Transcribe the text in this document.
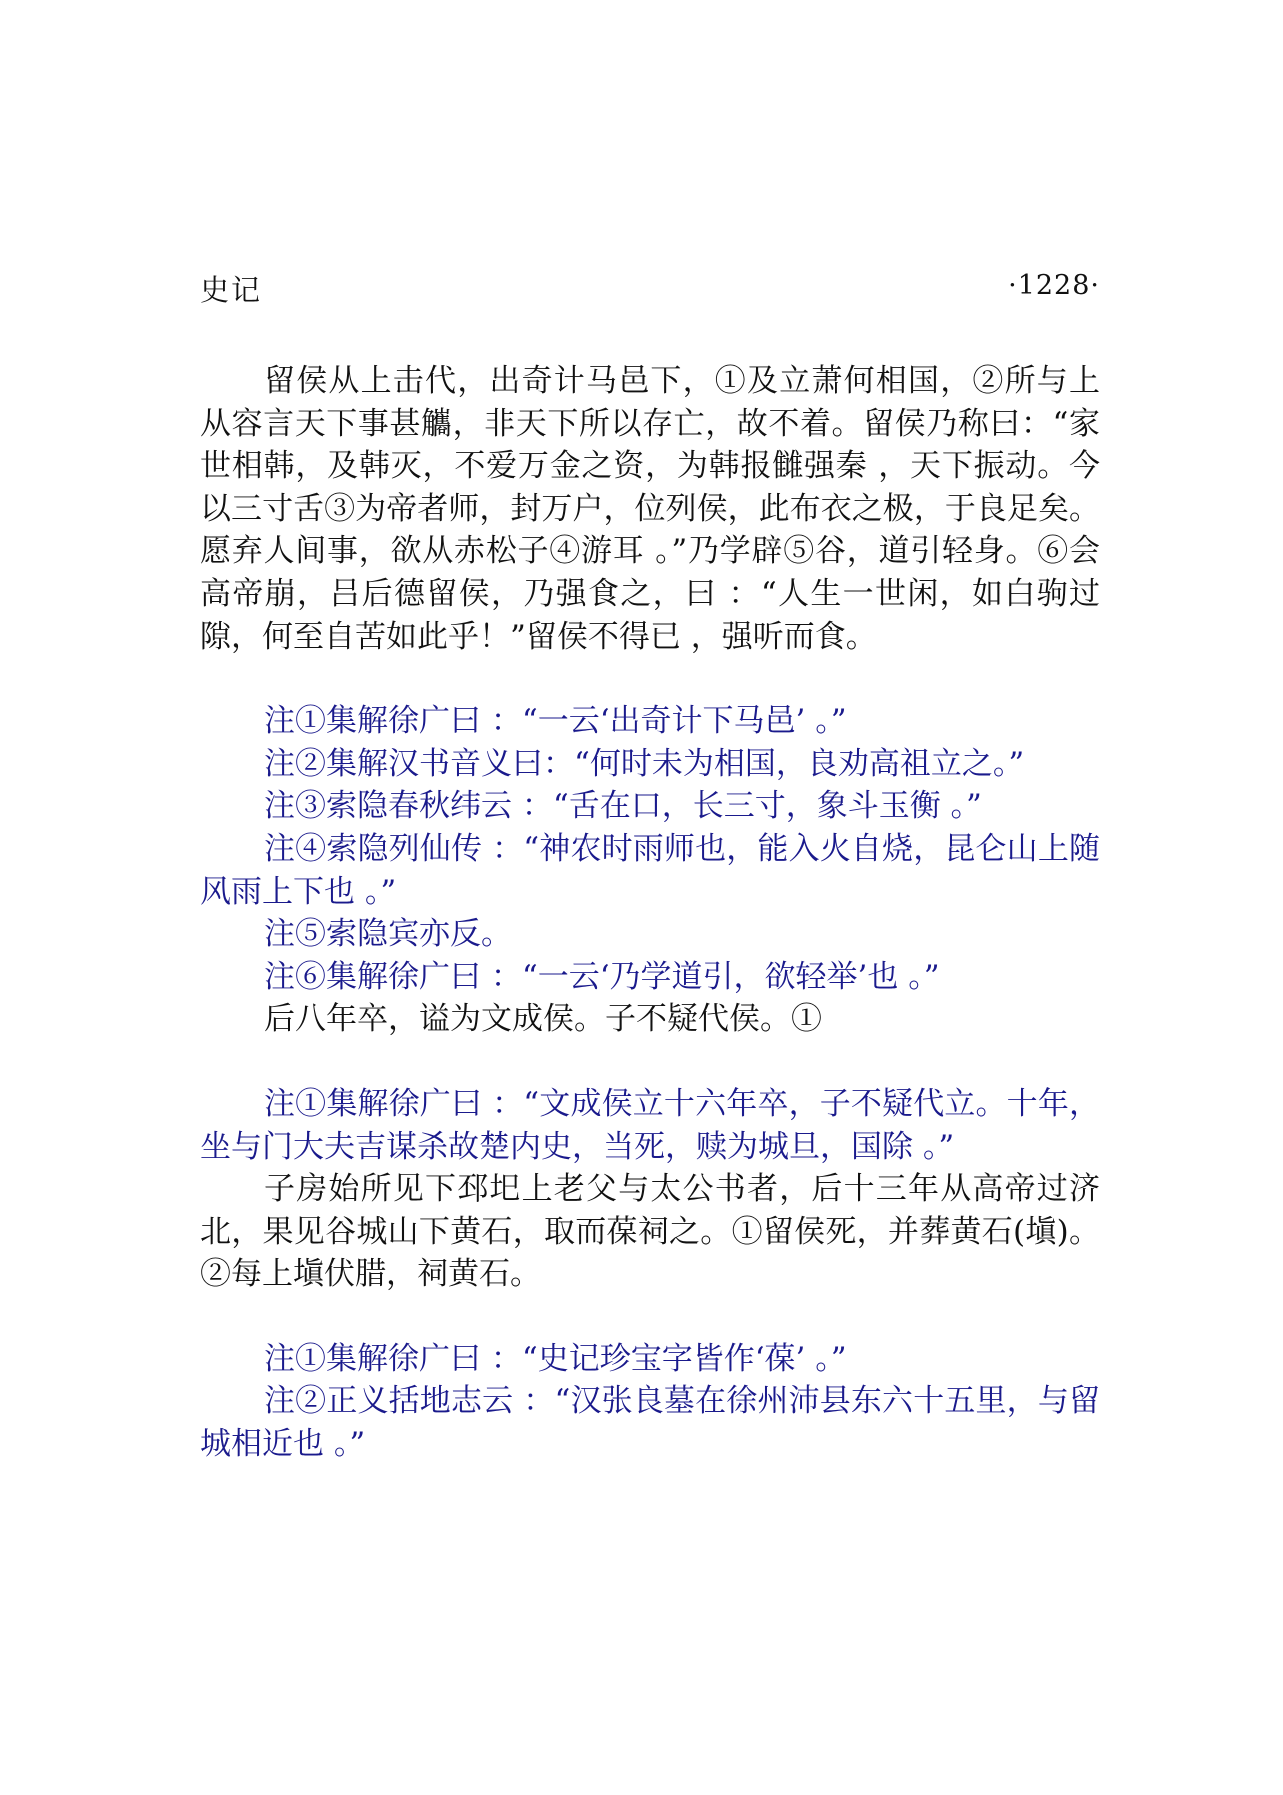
史记	·1228·

留侯从上击代，出奇计马邑下，①及立萧何相国，②所与上从容言天下事甚觿，非天下所以存亡，故不着。留侯乃称曰：“家世相韩，及韩灭，不爱万金之资，为韩报雠强秦 ，天下振动。今以三寸舌③为帝者师，封万户，位列侯，此布衣之极，于良足矣。愿弃人间事，欲从赤松子④游耳 。”乃学辟⑤谷，道引轻身。⑥会高帝崩，吕后德留侯，乃强食之，曰 ：“人生一世闲，如白驹过隙，何至自苦如此乎！”留侯不得已 ，强听而食。

注①集解徐广曰 ：“一云‘出奇计下马邑’ 。”

注②集解汉书音义曰：“何时未为相国，良劝高祖立之。”

注③索隐春秋纬云 ：“舌在口，长三寸，象斗玉衡 。”

注④索隐列仙传 ：“神农时雨师也，能入火自烧，昆仑山上随风雨上下也 。”

注⑤索隐宾亦反。

注⑥集解徐广曰 ：“一云‘乃学道引，欲轻举’也 。”

后八年卒，谥为文成侯。子不疑代侯。①

注①集解徐广曰 ：“文成侯立十六年卒，子不疑代立。十年，坐与门大夫吉谋杀故楚内史，当死，赎为城旦，国除 。”

子房始所见下邳圯上老父与太公书者，后十三年从高帝过济北，果见谷城山下黄石，取而葆祠之。①留侯死，并葬黄石(塡)。②每上塡伏腊，祠黄石。

注①集解徐广曰 ：“史记珍宝字皆作‘葆’ 。”

注②正义括地志云 ：“汉张良墓在徐州沛县东六十五里，与留城相近也 。”
